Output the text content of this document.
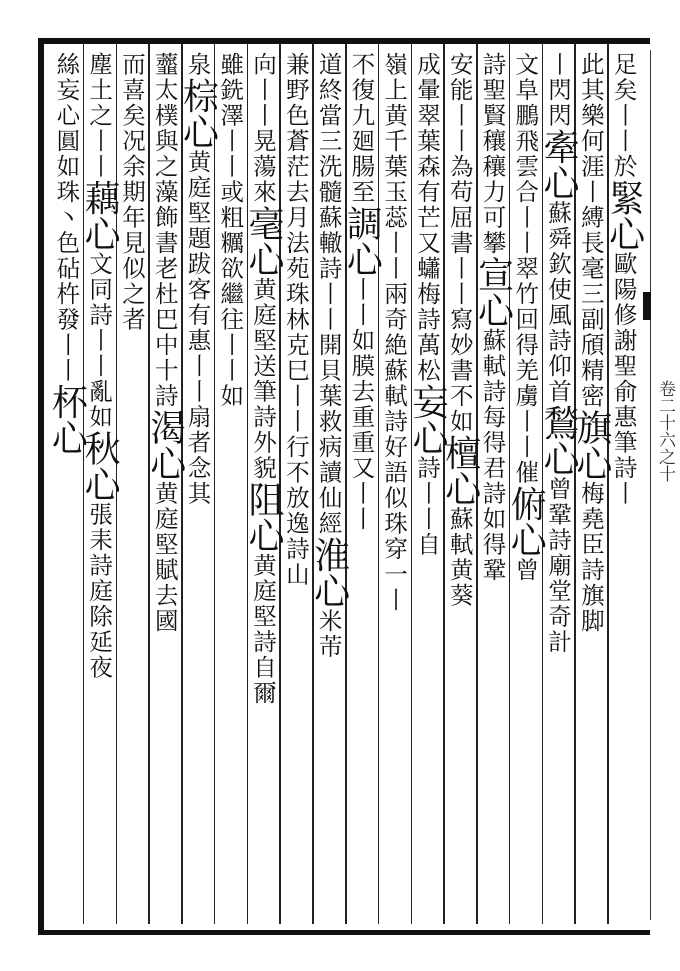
足矣丨丨於緊心歐陽修謝聖俞惠筆詩丨
此其樂何涯丨縛長毫三副頎精密旗心梅堯臣詩旗脚
丨閃閃牽心蘇舜欽使風詩仰首鶖心曾鞏詩廟堂奇計
文阜鵬飛雲合丨丨翠竹回得羌虜丨丨催俯心曾
詩聖賢穰穰力可攀宣心蘇軾詩每得君詩如得鞏
安能丨丨為苟屈書丨丨寫妙書不如檀心蘇軾黄葵
成暈翠葉森有芒又蠨梅詩萬松妄心詩丨丨自
嶺上黄千葉玉蕊丨丨兩奇絶蘇軾詩好語似珠穿一丨
不復九廻腸至調心丨丨如膜去重重又丨丨
道終當三洗髓蘇轍詩丨丨開貝葉救病讀仙經淮心米芾
兼野色蒼茫去月法苑珠林克巳丨丨行不放逸詩山
向丨丨晃蕩來毫心黄庭堅送筆詩外貌阻心黄庭堅詩自爾
雖銑澤丨丨或粗糲欲繼往丨丨如
泉棕心黄庭堅題跋客有惠丨丨扇者念其
虀太樸與之藻飾書老杜巴中十詩渴心黄庭堅賦去國
而喜矣况余期年見似之者
塵土之丨丨藕心文同詩丨丨亂如秋心張耒詩庭除延夜
絲妄心圓如珠丶色砧杵發丨丨杯心	卷二十六之十
